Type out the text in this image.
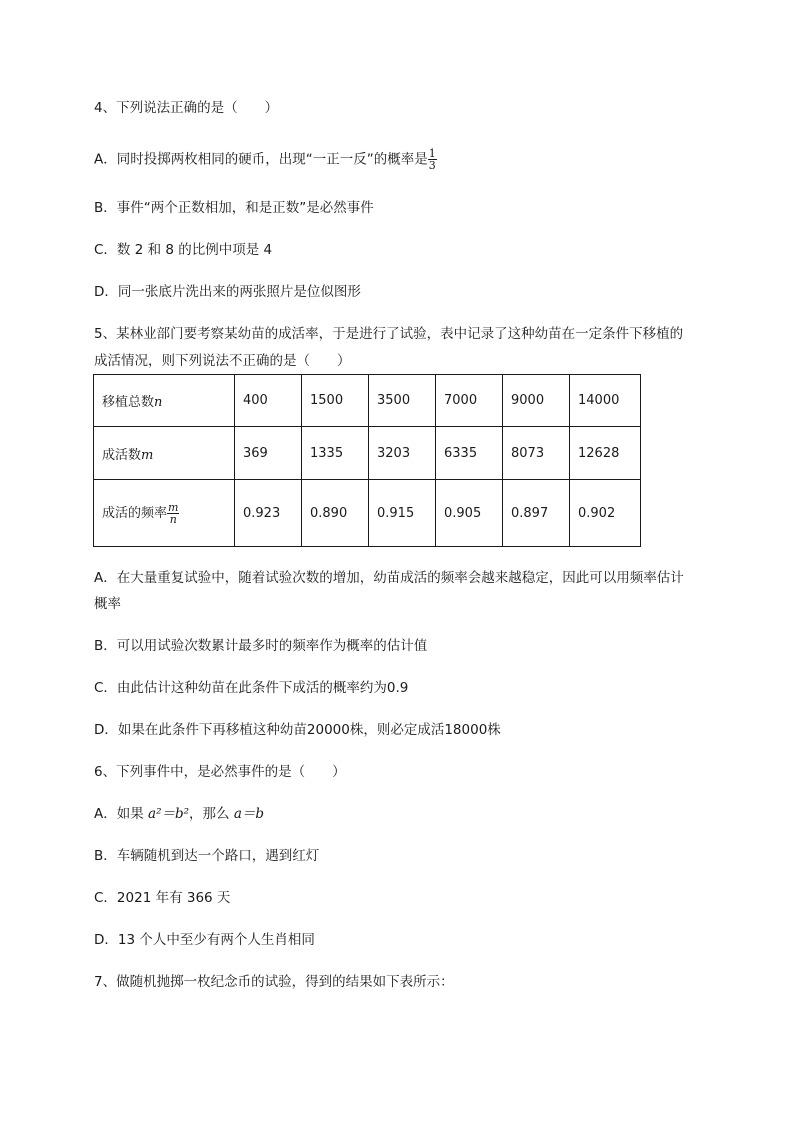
4、下列说法正确的是（　　）
A．同时投掷两枚相同的硬币，出现“一正一反”的概率是 $\frac{1}{3}$
B．事件“两个正数相加，和是正数”是必然事件
C．数 2 和 8 的比例中项是 4
D．同一张底片洗出来的两张照片是位似图形
5、某林业部门要考察某幼苗的成活率，于是进行了试验，表中记录了这种幼苗在一定条件下移植的
成活情况，则下列说法不正确的是（　　）
移植总数n	400	1500	3500	7000	9000	14000
成活数m	369	1335	3203	6335	8073	12628
成活的频率 $\frac{m}{n}$	0.923	0.890	0.915	0.905	0.897	0.902
A．在大量重复试验中，随着试验次数的增加，幼苗成活的频率会越来越稳定，因此可以用频率估计
概率
B．可以用试验次数累计最多时的频率作为概率的估计值
C．由此估计这种幼苗在此条件下成活的概率约为0.9
D．如果在此条件下再移植这种幼苗20000株，则必定成活18000株
6、下列事件中，是必然事件的是（　　）
A．如果 a²＝b²，那么 a＝b
B．车辆随机到达一个路口，遇到红灯
C．2021 年有 366 天
D．13 个人中至少有两个人生肖相同
7、做随机抛掷一枚纪念币的试验，得到的结果如下表所示：
